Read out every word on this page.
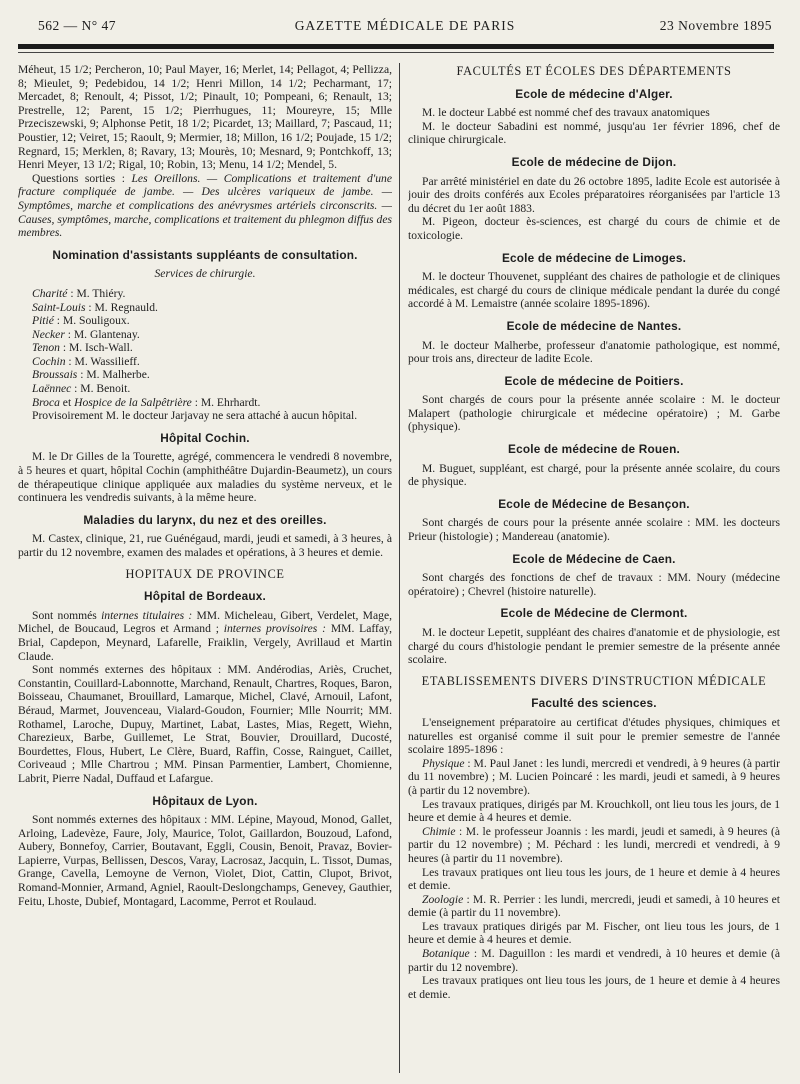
562 — N° 47	GAZETTE MÉDICALE DE PARIS	23 Novembre 1895

Méheut, 15 1/2; Percheron, 10; Paul Mayer, 16; Merlet, 14; Pellagot, 4; Pellizza, 8; Mieulet, 9; Pedebidou, 14 1/2; Henri Millon, 14 1/2; Pecharmant, 17; Mercadet, 8; Renoult, 4; Pissot, 1/2; Pinault, 10; Pompeani, 6; Renault, 13; Prestrelle, 12; Parent, 15 1/2; Pierrhugues, 11; Moureyre, 15; Mlle Przeciszewski, 9; Alphonse Petit, 18 1/2; Picardet, 13; Maillard, 7; Pascaud, 11; Poustier, 12; Veiret, 15; Raoult, 9; Mermier, 18; Millon, 16 1/2; Poujade, 15 1/2; Regnard, 15; Merklen, 8; Ravary, 13; Mourès, 10; Mesnard, 9; Pontchkoff, 13; Henri Meyer, 13 1/2; Rigal, 10; Robin, 13; Menu, 14 1/2; Mendel, 5.

Questions sorties : Les Oreillons. — Complications et traitement d'une fracture compliquée de jambe. — Des ulcères variqueux de jambe. — Symptômes, marche et complications des anévrysmes artériels circonscrits. — Causes, symptômes, marche, complications et traitement du phlegmon diffus des membres.

Nomination d'assistants suppléants de consultation.
Services de chirurgie.

Charité : M. Thiéry.

Saint-Louis : M. Regnauld.

Pitié : M. Souligoux.

Necker : M. Glantenay.

Tenon : M. Isch-Wall.

Cochin : M. Wassilieff.

Broussais : M. Malherbe.

Laënnec : M. Benoit.

Broca et Hospice de la Salpêtrière : M. Ehrhardt.

Provisoirement M. le docteur Jarjavay ne sera attaché à aucun hôpital.

Hôpital Cochin.

M. le Dr Gilles de la Tourette, agrégé, commencera le vendredi 8 novembre, à 5 heures et quart, hôpital Cochin (amphithéâtre Dujardin-Beaumetz), un cours de thérapeutique clinique appliquée aux maladies du système nerveux, et le continuera les vendredis suivants, à la même heure.

Maladies du larynx, du nez et des oreilles.

M. Castex, clinique, 21, rue Guénégaud, mardi, jeudi et samedi, à 3 heures, à partir du 12 novembre, examen des malades et opérations, à 3 heures et demie.

HOPITAUX DE PROVINCE
Hôpital de Bordeaux.

Sont nommés internes titulaires : MM. Micheleau, Gibert, Verdelet, Mage, Michel, de Boucaud, Legros et Armand ; internes provisoires : MM. Laffay, Brial, Capdepon, Meynard, Lafarelle, Fraiklin, Vergely, Avrillaud et Martin Claude.

Sont nommés externes des hôpitaux : MM. Andérodias, Ariès, Cruchet, Constantin, Couillard-Labonnotte, Marchand, Renault, Chartres, Roques, Baron, Boisseau, Chaumanet, Brouillard, Lamarque, Michel, Clavé, Arnouil, Lafont, Béraud, Marmet, Jouvenceau, Vialard-Goudon, Fournier; Mlle Nourrit; MM. Rothamel, Laroche, Dupuy, Martinet, Labat, Lastes, Mias, Regett, Wiehn, Charezieux, Barbe, Guillemet, Le Strat, Bouvier, Drouillard, Ducosté, Bourdettes, Flous, Hubert, Le Clère, Buard, Raffin, Cosse, Rainguet, Caillet, Coriveaud ; Mlle Chartrou ; MM. Pinsan Parmentier, Lambert, Chomienne, Labrit, Pierre Nadal, Duffaud et Lafargue.

Hôpitaux de Lyon.

Sont nommés externes des hôpitaux : MM. Lépine, Mayoud, Monod, Gallet, Arloing, Ladevèze, Faure, Joly, Maurice, Tolot, Gaillardon, Bouzoud, Lafond, Aubery, Bonnefoy, Carrier, Boutavant, Eggli, Cousin, Benoit, Pravaz, Bovier-Lapierre, Vurpas, Bellissen, Descos, Varay, Lacrosaz, Jacquin, L. Tissot, Dumas, Grange, Cavella, Lemoyne de Vernon, Violet, Diot, Cattin, Clupot, Brivot, Romand-Monnier, Armand, Agniel, Raoult-Deslongchamps, Genevey, Gauthier, Feitu, Lhoste, Dubief, Montagard, Lacomme, Perrot et Roulaud.

FACULTÉS ET ÉCOLES DES DÉPARTEMENTS
Ecole de médecine d'Alger.

M. le docteur Labbé est nommé chef des travaux anatomiques

M. le docteur Sabadini est nommé, jusqu'au 1er février 1896, chef de clinique chirurgicale.

Ecole de médecine de Dijon.

Par arrêté ministériel en date du 26 octobre 1895, ladite Ecole est autorisée à jouir des droits conférés aux Ecoles préparatoires réorganisées par l'article 13 du décret du 1er août 1883.

M. Pigeon, docteur ès-sciences, est chargé du cours de chimie et de toxicologie.

Ecole de médecine de Limoges.

M. le docteur Thouvenet, suppléant des chaires de pathologie et de cliniques médicales, est chargé du cours de clinique médicale pendant la durée du congé accordé à M. Lemaistre (année scolaire 1895-1896).

Ecole de médecine de Nantes.

M. le docteur Malherbe, professeur d'anatomie pathologique, est nommé, pour trois ans, directeur de ladite Ecole.

Ecole de médecine de Poitiers.

Sont chargés de cours pour la présente année scolaire : M. le docteur Malapert (pathologie chirurgicale et médecine opératoire) ; M. Garbe (physique).

Ecole de médecine de Rouen.

M. Buguet, suppléant, est chargé, pour la présente année scolaire, du cours de physique.

Ecole de Médecine de Besançon.

Sont chargés de cours pour la présente année scolaire : MM. les docteurs Prieur (histologie) ; Mandereau (anatomie).

Ecole de Médecine de Caen.

Sont chargés des fonctions de chef de travaux : MM. Noury (médecine opératoire) ; Chevrel (histoire naturelle).

Ecole de Médecine de Clermont.

M. le docteur Lepetit, suppléant des chaires d'anatomie et de physiologie, est chargé du cours d'histologie pendant le premier semestre de la présente année scolaire.

ETABLISSEMENTS DIVERS D'INSTRUCTION MÉDICALE
Faculté des sciences.

L'enseignement préparatoire au certificat d'études physiques, chimiques et naturelles est organisé comme il suit pour le premier semestre de l'année scolaire 1895-1896 :

Physique : M. Paul Janet : les lundi, mercredi et vendredi, à 9 heures (à partir du 11 novembre) ; M. Lucien Poincaré : les mardi, jeudi et samedi, à 9 heures (à partir du 12 novembre).

Les travaux pratiques, dirigés par M. Krouchkoll, ont lieu tous les jours, de 1 heure et demie à 4 heures et demie.

Chimie : M. le professeur Joannis : les mardi, jeudi et samedi, à 9 heures (à partir du 12 novembre) ; M. Péchard : les lundi, mercredi et vendredi, à 9 heures (à partir du 11 novembre).

Les travaux pratiques ont lieu tous les jours, de 1 heure et demie à 4 heures et demie.

Zoologie : M. R. Perrier : les lundi, mercredi, jeudi et samedi, à 10 heures et demie (à partir du 11 novembre).

Les travaux pratiques dirigés par M. Fischer, ont lieu tous les jours, de 1 heure et demie à 4 heures et demie.

Botanique : M. Daguillon : les mardi et vendredi, à 10 heures et demie (à partir du 12 novembre).

Les travaux pratiques ont lieu tous les jours, de 1 heure et demie à 4 heures et demie.
